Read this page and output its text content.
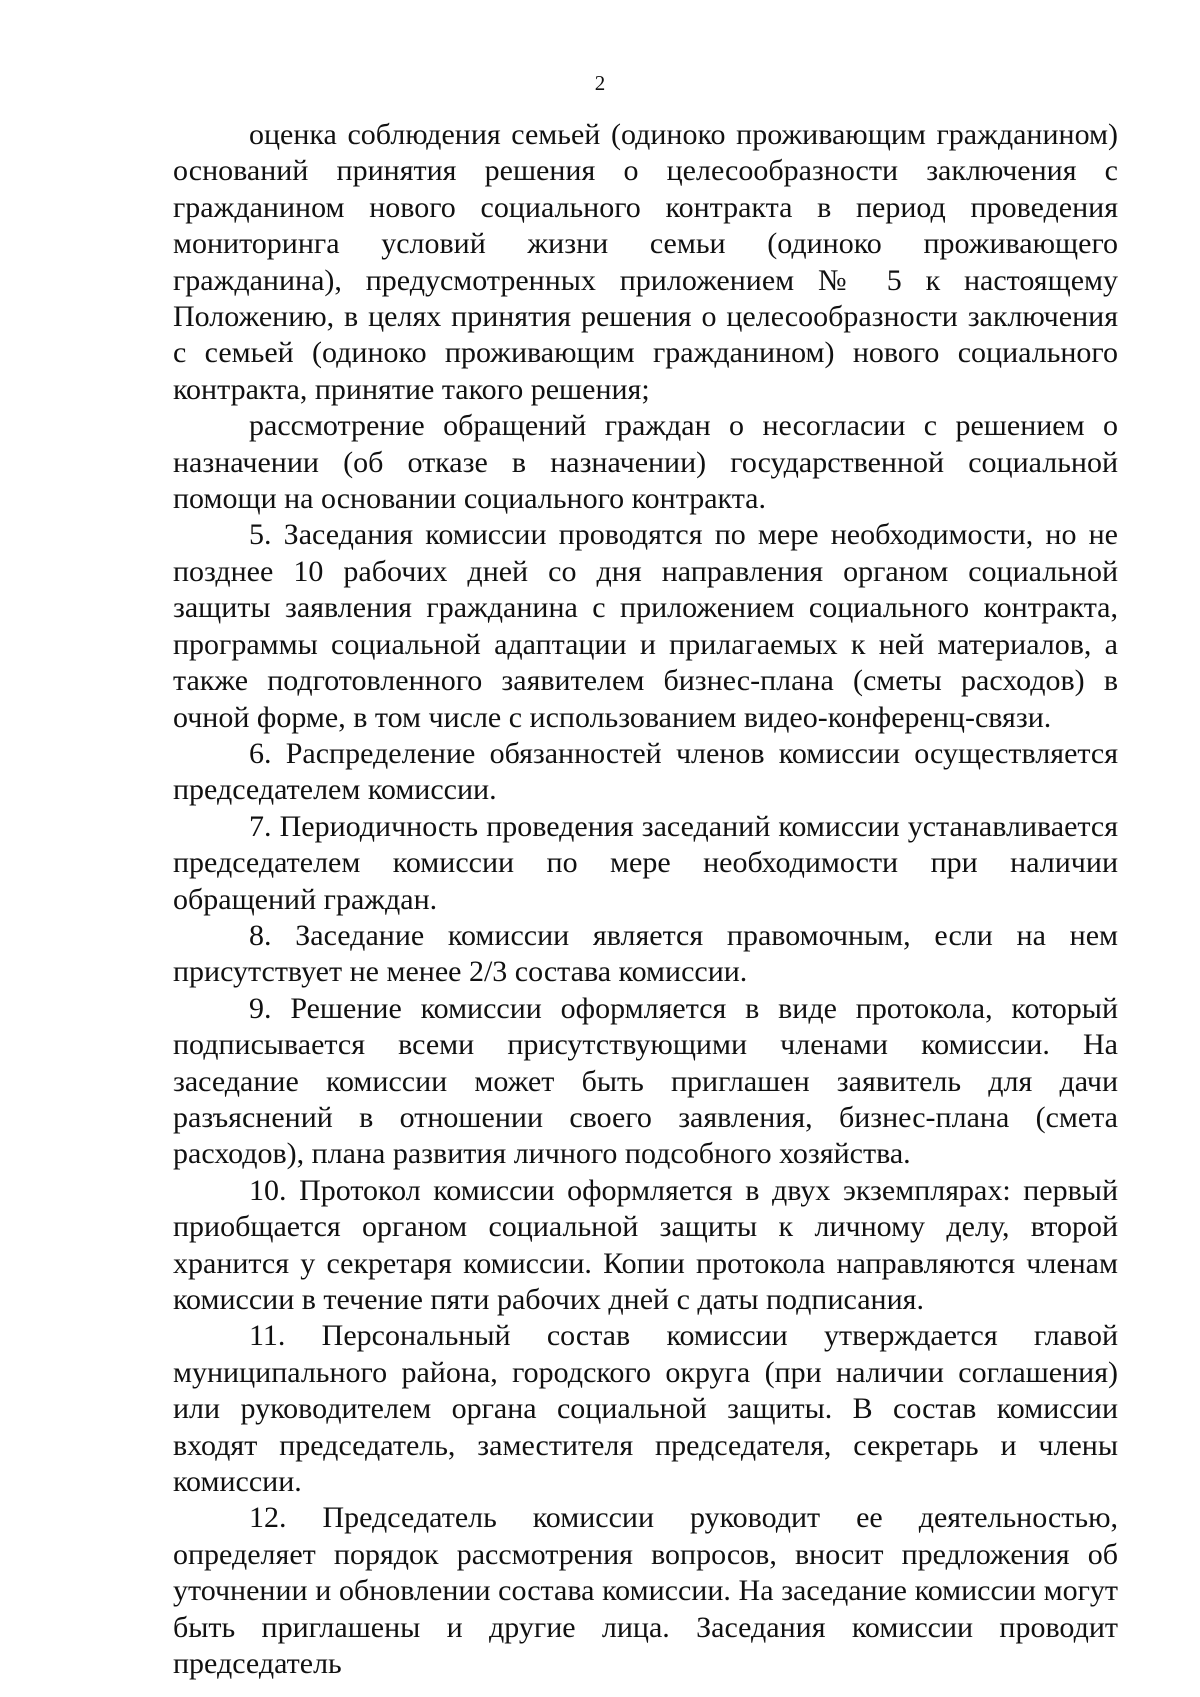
2

оценка соблюдения семьей (одиноко проживающим гражданином) оснований принятия решения о целесообразности заключения с гражданином нового социального контракта в период проведения мониторинга условий жизни семьи (одиноко проживающего гражданина), предусмотренных приложением № 5 к настоящему Положению, в целях принятия решения о целесообразности заключения с семьей (одиноко проживающим гражданином) нового социального контракта, принятие такого решения;

рассмотрение обращений граждан о несогласии с решением о назначении (об отказе в назначении) государственной социальной помощи на основании социального контракта.

5. Заседания комиссии проводятся по мере необходимости, но не позднее 10 рабочих дней со дня направления органом социальной защиты заявления гражданина с приложением социального контракта, программы социальной адаптации и прилагаемых к ней материалов, а также подготовленного заявителем бизнес-плана (сметы расходов) в очной форме, в том числе с использованием видео-конференц-связи.

6. Распределение обязанностей членов комиссии осуществляется председателем комиссии.

7. Периодичность проведения заседаний комиссии устанавливается председателем комиссии по мере необходимости при наличии обращений граждан.

8. Заседание комиссии является правомочным, если на нем присутствует не менее 2/3 состава комиссии.

9. Решение комиссии оформляется в виде протокола, который подписывается всеми присутствующими членами комиссии. На заседание комиссии может быть приглашен заявитель для дачи разъяснений в отношении своего заявления, бизнес-плана (смета расходов), плана развития личного подсобного хозяйства.

10. Протокол комиссии оформляется в двух экземплярах: первый приобщается органом социальной защиты к личному делу, второй хранится у секретаря комиссии. Копии протокола направляются членам комиссии в течение пяти рабочих дней с даты подписания.

11. Персональный состав комиссии утверждается главой муниципального района, городского округа (при наличии соглашения) или руководителем органа социальной защиты. В состав комиссии входят председатель, заместителя председателя, секретарь и члены комиссии.

12. Председатель комиссии руководит ее деятельностью, определяет порядок рассмотрения вопросов, вносит предложения об уточнении и обновлении состава комиссии. На заседание комиссии могут быть приглашены и другие лица. Заседания комиссии проводит председатель
